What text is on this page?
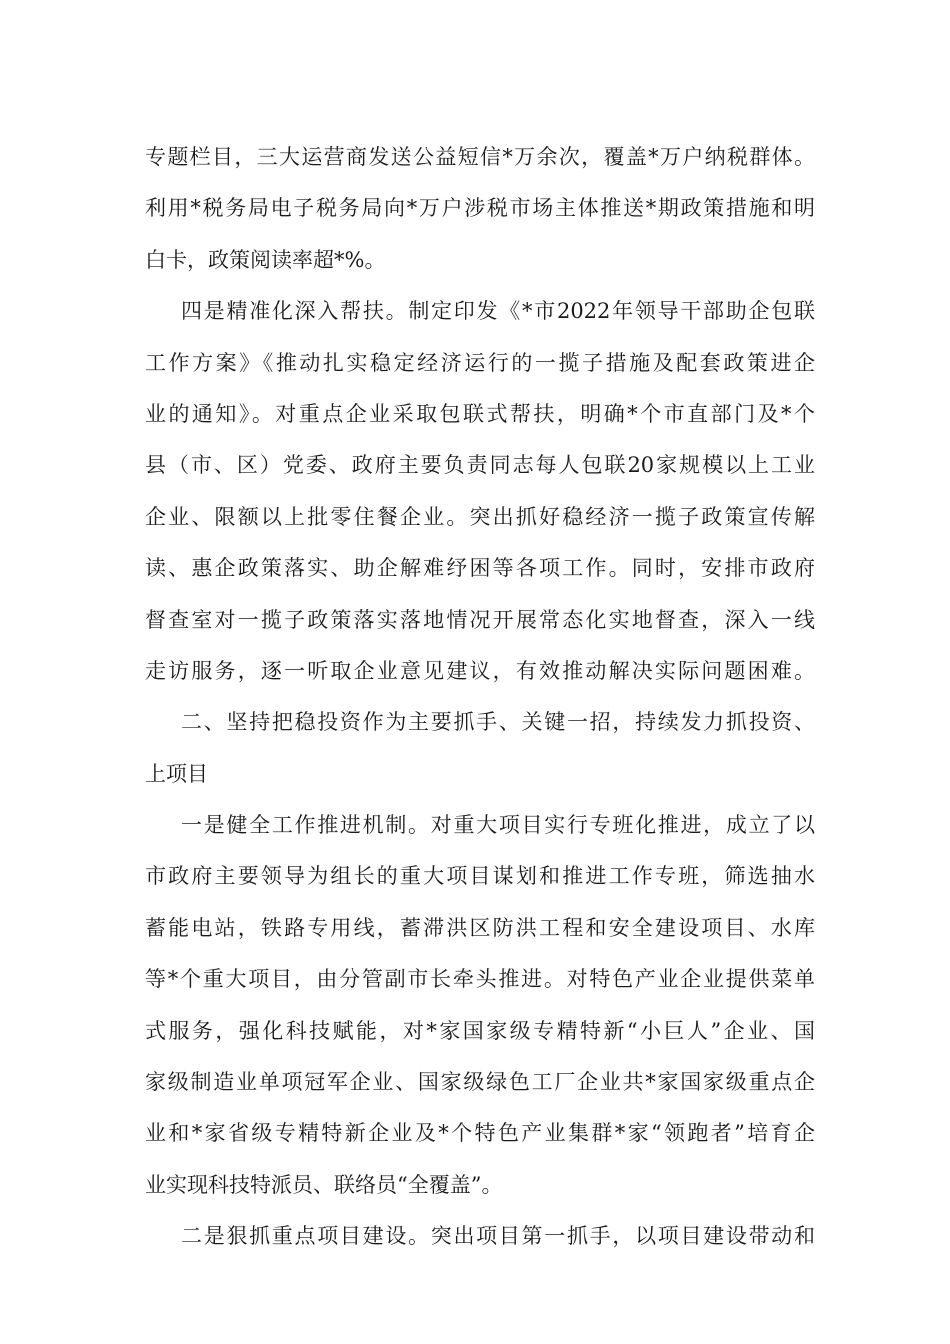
专题栏目，三大运营商发送公益短信*万余次，覆盖*万户纳税群体。
利用*税务局电子税务局向*万户涉税市场主体推送*期政策措施和明
白卡，政策阅读率超*%。
四是精准化深入帮扶。制定印发《*市2022年领导干部助企包联
工作方案》《推动扎实稳定经济运行的一揽子措施及配套政策进企
业的通知》。对重点企业采取包联式帮扶，明确*个市直部门及*个
县（市、区）党委、政府主要负责同志每人包联20家规模以上工业
企业、限额以上批零住餐企业。突出抓好稳经济一揽子政策宣传解
读、惠企政策落实、助企解难纾困等各项工作。同时，安排市政府
督查室对一揽子政策落实落地情况开展常态化实地督查，深入一线
走访服务，逐一听取企业意见建议，有效推动解决实际问题困难。
二、坚持把稳投资作为主要抓手、关键一招，持续发力抓投资、
上项目
一是健全工作推进机制。对重大项目实行专班化推进，成立了以
市政府主要领导为组长的重大项目谋划和推进工作专班，筛选抽水
蓄能电站，铁路专用线，蓄滞洪区防洪工程和安全建设项目、水库
等*个重大项目，由分管副市长牵头推进。对特色产业企业提供菜单
式服务，强化科技赋能，对*家国家级专精特新“小巨人”企业、国
家级制造业单项冠军企业、国家级绿色工厂企业共*家国家级重点企
业和*家省级专精特新企业及*个特色产业集群*家“领跑者”培育企
业实现科技特派员、联络员“全覆盖”。
二是狠抓重点项目建设。突出项目第一抓手，以项目建设带动和
